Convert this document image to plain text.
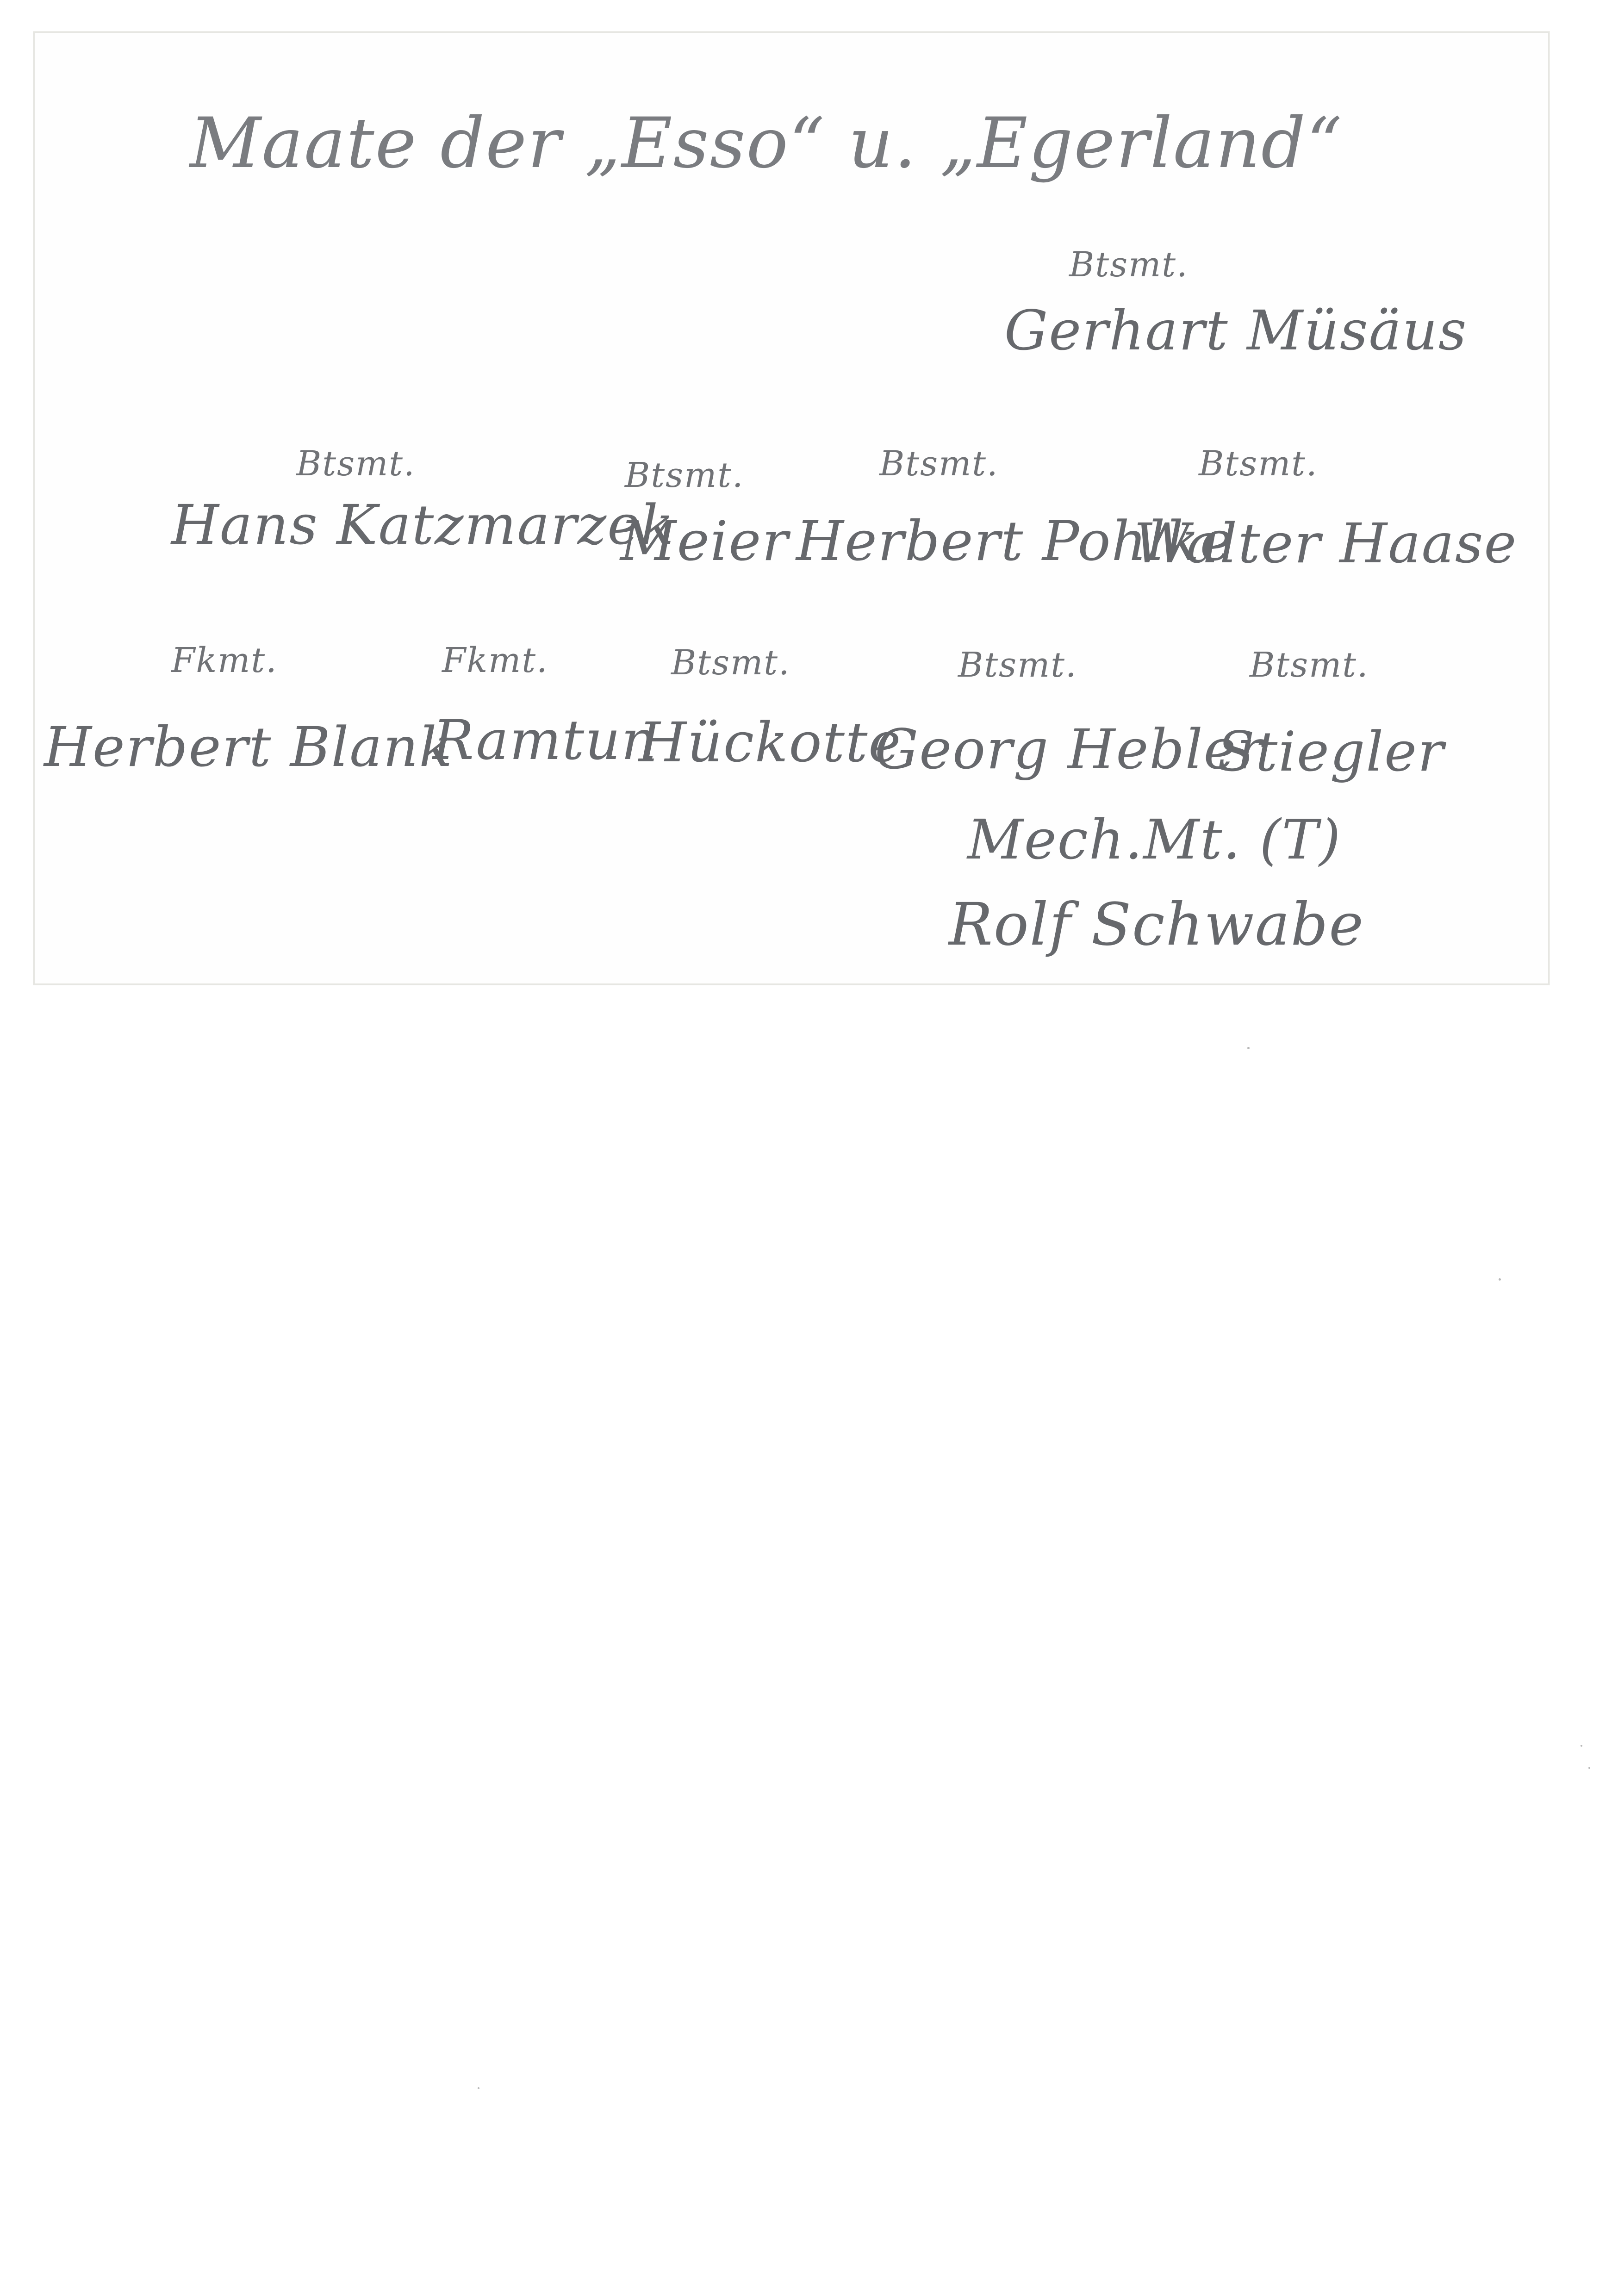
Maate der „Esso“ u. „Egerland“
Btsmt.
Gerhart Müsäus
Btsmt.
Hans Katzmarzek
Btsmt.
Meier
Btsmt.
Herbert Pohlke
Btsmt.
Walter Haase
Fkmt.
Herbert Blank
Fkmt.
Ramtun
Btsmt.
Hückotte
Btsmt.
Georg Hebler
Btsmt.
Stiegler
Mech.Mt. (T)
Rolf Schwabe
